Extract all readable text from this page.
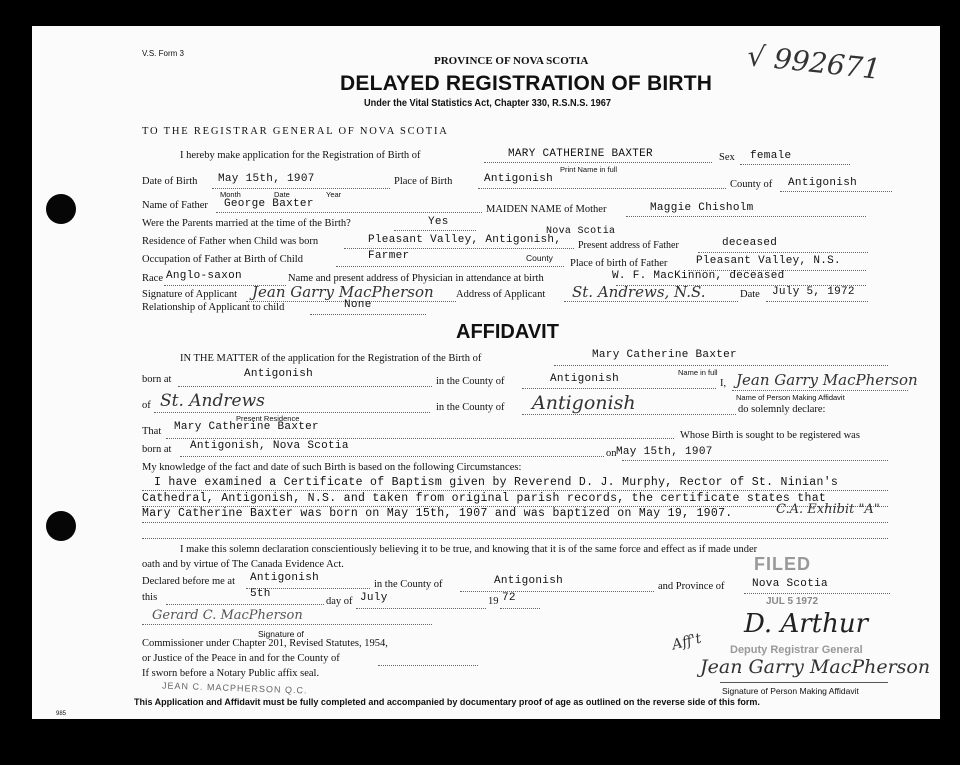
V.S. Form 3	√ 992671
PROVINCE OF NOVA SCOTIA
DELAYED REGISTRATION OF BIRTH
Under the Vital Statistics Act, Chapter 330, R.S.N.S. 1967
TO THE REGISTRAR GENERAL OF NOVA SCOTIA
I hereby make application for the Registration of Birth of	MARY CATHERINE BAXTER
Print Name in full
Sex female
Date of Birth May 15th, 1907
Month	Date	Year
Place of Birth	Antigonish	County of Antigonish
Name of Father George Baxter	MAIDEN NAME of Mother	Maggie Chisholm
Were the Parents married at the time of the Birth?	Yes
Residence of Father when Child was born	Pleasant Valley, Antigonish,
Nova Scotia
Present address of Father	deceased
Occupation of Father at Birth of Child	Farmer	County Place of birth of Father	Pleasant Valley, N.S.
Race Anglo-saxon	Name and present address of Physician in attendance at birth	W. F. MacKinnon, deceased
Signature of Applicant Jean Garry MacPherson Address of Applicant St. Andrews, N.S.	Date July 5, 1972
Relationship of Applicant to child	None
AFFIDAVIT
IN THE MATTER of the application for the Registration of the Birth of	Mary Catherine Baxter
Name in full
born at	Antigonish
in the County of	Antigonish	I, Jean Garry MacPherson
Name of Person Making Affidavit
of St. Andrews
Present Residence
in the County of Antigonish	do solemnly declare:
That Mary Catherine Baxter
Whose Birth is sought to be registered was
born at Antigonish, Nova Scotia
on May 15th, 1907
My knowledge of the fact and date of such Birth is based on the following Circumstances:
I have examined a Certificate of Baptism given by Reverend D. J. Murphy, Rector of St. Ninian's
Cathedral, Antigonish, N.S. and taken from original parish records, the certificate states that
Mary Catherine Baxter was born on May 15th, 1907 and was baptized on May 19, 1907.	C.A. Exhibit "A"
I make this solemn declaration conscientiously believing it to be true, and knowing that it is of the same force and effect as if made under
oath and by virtue of The Canada Evidence Act.
Declared before me at Antigonish
in the County of	Antigonish	and Province of	Nova Scotia
this	5th
day of July	19 72
Gerard C. MacPherson
Signature of
Commissioner under Chapter 201, Revised Statutes, 1954,
or Justice of the Peace in and for the County of
If sworn before a Notary Public affix seal.
JEAN C. MACPHERSON Q.C.
This Application and Affidavit must be fully completed and accompanied by documentary proof of age as outlined on the reverse side of this form.
985
FILED
JUL 5 1972
D. Arthur
Deputy Registrar General
Aff't
Jean Garry MacPherson
Signature of Person Making Affidavit
